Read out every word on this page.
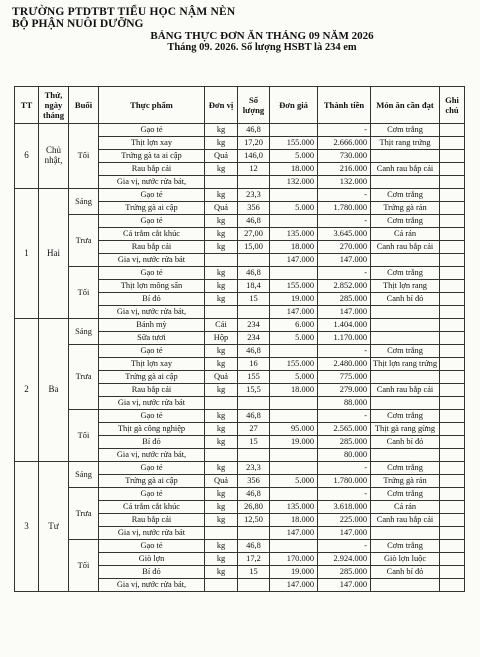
TRƯỜNG PTDTBT TIỂU HỌC NẬM NÈN
BỘ PHẬN NUÔI DƯỠNG
BẢNG THỰC ĐƠN ĂN THÁNG 09 NĂM 2026
Tháng 09. 2026. Số lượng HSBT là 234 em
TT	Thứ, ngày tháng	Buổi	Thực phẩm	Đơn vị	Số lượng	Đơn giá	Thành tiền	Món ăn cần đạt	Ghi chú
6	Chủ nhật,	Tối	Gạo tẻ	kg	46,8		-	Cơm trắng	
			Thịt lợn xay	kg	17,20	155.000	2.666.000	Thịt rang trứng	
			Trứng gà ta ai cập	Quả	146,0	5.000	730.000		
			Rau bắp cải	kg	12	18.000	216.000	Canh rau bắp cải	
			Gia vị, nước rửa bát,			132.000	132.000		
1	Hai	Sáng	Gạo tẻ	kg	23,3		-	Cơm trắng	
			Trứng gà ai cập	Quả	356	5.000	1.780.000	Trứng gà rán	
		Trưa	Gạo tẻ	kg	46,8		-	Cơm trắng	
			Cá trắm cắt khúc	kg	27,00	135.000	3.645.000	Cá rán	
			Rau bắp cải	kg	15,00	18.000	270.000	Canh rau bắp cải	
			Gia vị, nước rửa bát			147.000	147.000		
		Tối	Gạo tẻ	kg	46,8		-	Cơm trắng	
			Thịt lợn mông sấn	kg	18,4	155.000	2.852.000	Thịt lợn rang	
			Bí đỏ	kg	15	19.000	285.000	Canh bí đỏ	
			Gia vị, nước rửa bát,			147.000	147.000		
2	Ba	Sáng	Bánh mỳ	Cái	234	6.000	1.404.000		
			Sữa tươi	Hộp	234	5.000	1.170.000		
		Trưa	Gạo tẻ	kg	46,8		-	Cơm trắng	
			Thịt lợn xay	kg	16	155.000	2.480.000	Thịt lợn rang trứng	
			Trứng gà ai cập	Quả	155	5.000	775.000		
			Rau bắp cải	kg	15,5	18.000	279.000	Canh rau bắp cải	
			Gia vị, nước rửa bát				88.000		
		Tối	Gạo tẻ	kg	46,8		-	Cơm trắng	
			Thịt gà công nghiệp	kg	27	95.000	2.565.000	Thịt gà rang gừng	
			Bí đỏ	kg	15	19.000	285.000	Canh bí đỏ	
			Gia vị, nước rửa bát,				80.000		
3	Tư	Sáng	Gạo tẻ	kg	23,3		-	Cơm trắng	
			Trứng gà ai cập	Quả	356	5.000	1.780.000	Trứng gà rán	
		Trưa	Gạo tẻ	kg	46,8		-	Cơm trắng	
			Cá trắm cắt khúc	kg	26,80	135.000	3.618.000	Cá rán	
			Rau bắp cải	kg	12,50	18.000	225.000	Canh rau bắp cải	
			Gia vị, nước rửa bát			147.000	147.000		
		Tối	Gạo tẻ	kg	46,8		-	Cơm trắng	
			Giò lợn	kg	17,2	170.000	2.924.000	Giò lợn luộc	
			Bí đỏ	kg	15	19.000	285.000	Canh bí đỏ	
			Gia vị, nước rửa bát,			147.000	147.000		
